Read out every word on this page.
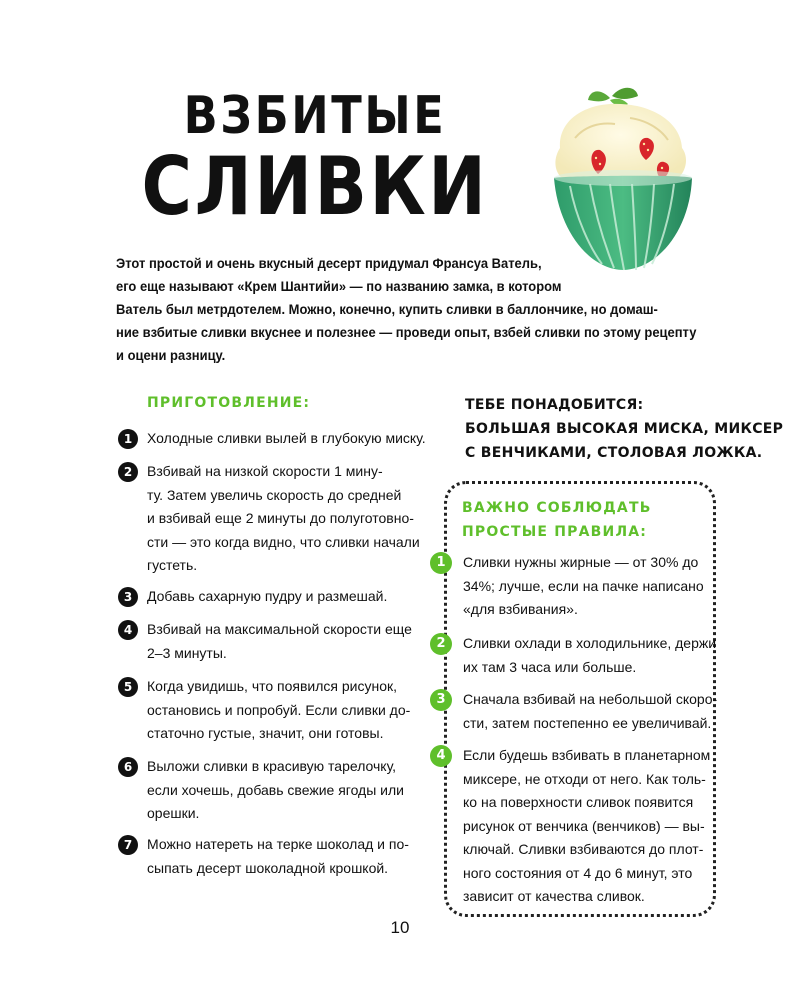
ВЗБИТЫЕ
СЛИВКИ
Этот простой и очень вкусный десерт придумал Франсуа Ватель,
его еще называют «Крем Шантийи» — по названию замка, в котором
Ватель был метрдотелем. Можно, конечно, купить сливки в баллончике, но домаш-
ние взбитые сливки вкуснее и полезнее — проведи опыт, взбей сливки по этому рецепту
и оцени разницу.
ПРИГОТОВЛЕНИЕ:
1	Холодные сливки вылей в глубокую миску.
2	Взбивай на низкой скорости 1 мину-
ту. Затем увеличь скорость до средней
и взбивай еще 2 минуты до полуготовно-
сти — это когда видно, что сливки начали
густеть.
3	Добавь сахарную пудру и размешай.
4	Взбивай на максимальной скорости еще
2–3 минуты.
5	Когда увидишь, что появился рисунок,
остановись и попробуй. Если сливки до-
статочно густые, значит, они готовы.
6	Выложи сливки в красивую тарелочку,
если хочешь, добавь свежие ягоды или
орешки.
7	Можно натереть на терке шоколад и по-
сыпать десерт шоколадной крошкой.
ТЕБЕ ПОНАДОБИТСЯ:
БОЛЬШАЯ ВЫСОКАЯ МИСКА, МИКСЕР
С ВЕНЧИКАМИ, СТОЛОВАЯ ЛОЖКА.
ВАЖНО СОБЛЮДАТЬ
ПРОСТЫЕ ПРАВИЛА:
1	Сливки нужны жирные — от 30% до
34%; лучше, если на пачке написано
«для взбивания».
2	Сливки охлади в холодильнике, держи
их там 3 часа или больше.
3	Сначала взбивай на небольшой скоро-
сти, затем постепенно ее увеличивай.
4	Если будешь взбивать в планетарном
миксере, не отходи от него. Как толь-
ко на поверхности сливок появится
рисунок от венчика (венчиков) — вы-
ключай. Сливки взбиваются до плот-
ного состояния от 4 до 6 минут, это
зависит от качества сливок.
10
